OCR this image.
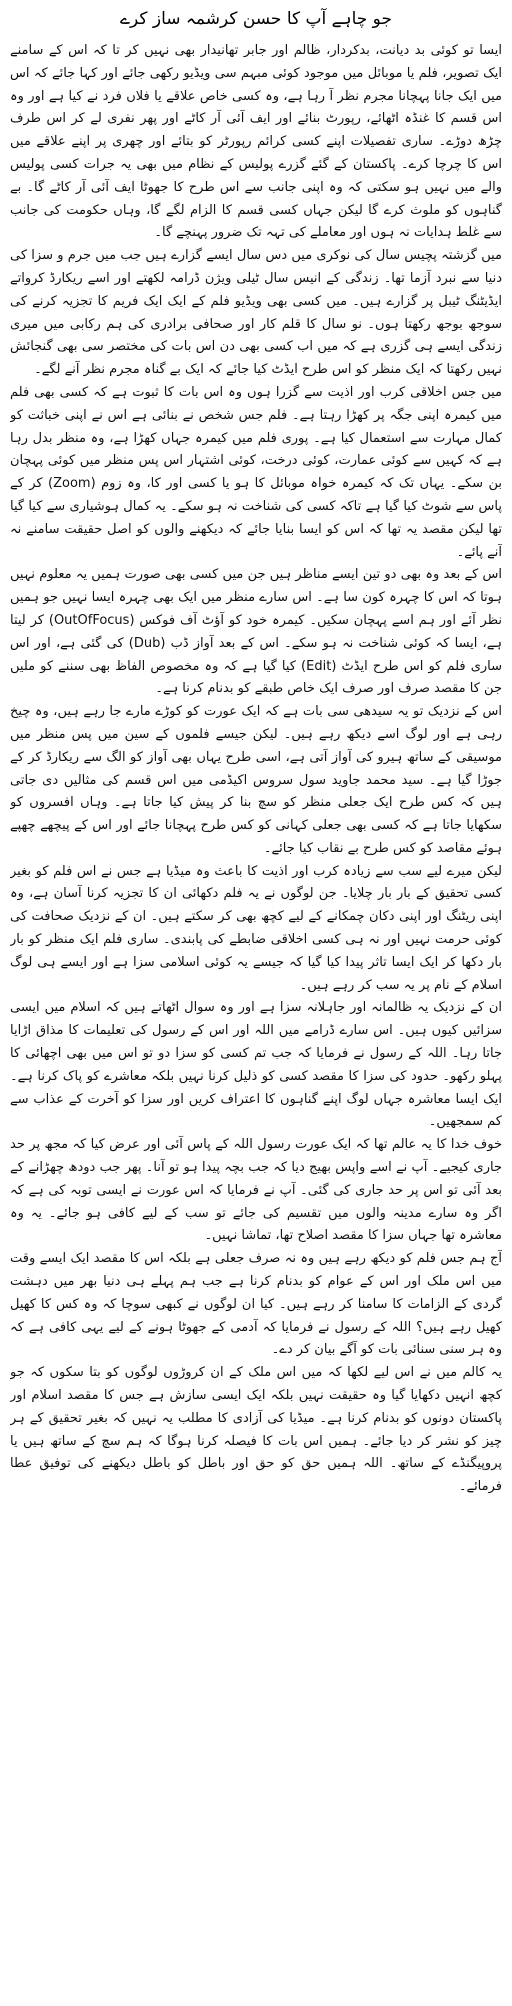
جو چاہے آپ کا حسن کرشمہ ساز کرے

ایسا تو کوئی بد دیانت، بدکردار، ظالم اور جابر تھانیدار بھی نہیں کر تا کہ اس کے سامنے ایک تصویر، فلم یا موبائل میں موجود کوئی مبہم سی ویڈیو رکھی جائے اور کہا جائے کہ اس میں ایک جانا پہچانا مجرم نظر آ رہا ہے، وہ کسی خاص علاقے یا فلاں فرد نے کیا ہے اور وہ اس قسم کا غنڈہ اٹھائے، رپورٹ بنائے اور ایف آئی آر کاٹے اور پھر نفری لے کر اس طرف چڑھ دوڑے۔ ساری تفصیلات اپنے کسی کرائم رپورٹر کو بتائے اور چھری پر اپنے علاقے میں اس کا چرچا کرے۔ پاکستان کے گئے گزرے پولیس کے نظام میں بھی یہ جرات کسی پولیس والے میں نہیں ہو سکتی کہ وہ اپنی جانب سے اس طرح کا جھوٹا ایف آئی آر کاٹے گا۔ بے گناہوں کو ملوث کرے گا لیکن جہاں کسی قسم کا الزام لگے گا، وہاں حکومت کی جانب سے غلط ہدایات نہ ہوں اور معاملے کی تہہ تک ضرور پہنچے گا۔

میں گزشتہ پچیس سال کی نوکری میں دس سال ایسے گزارے ہیں جب میں جرم و سزا کی دنیا سے نبرد آزما تھا۔ زندگی کے انیس سال ٹیلی ویژن ڈرامہ لکھتے اور اسے ریکارڈ کرواتے ایڈیٹنگ ٹیبل پر گزارے ہیں۔ میں کسی بھی ویڈیو فلم کے ایک ایک فریم کا تجزیہ کرنے کی سوجھ بوجھ رکھتا ہوں۔ نو سال کا قلم کار اور صحافی برادری کی ہم رکابی میں میری زندگی ایسے ہی گزری ہے کہ میں اب کسی بھی دن اس بات کی مختصر سی بھی گنجائش نہیں رکھتا کہ ایک منظر کو اس طرح ایڈٹ کیا جائے کہ ایک بے گناہ مجرم نظر آنے لگے۔

میں جس اخلاقی کرب اور اذیت سے گزرا ہوں وہ اس بات کا ثبوت ہے کہ کسی بھی فلم میں کیمرہ اپنی جگہ پر کھڑا رہتا ہے۔ فلم جس شخص نے بنائی ہے اس نے اپنی خباثت کو کمال مہارت سے استعمال کیا ہے۔ پوری فلم میں کیمرہ جہاں کھڑا ہے، وہ منظر بدل رہا ہے کہ کہیں سے کوئی عمارت، کوئی درخت، کوئی اشتہار اس پس منظر میں کوئی پہچان بن سکے۔ یہاں تک کہ کیمرہ خواہ موبائل کا ہو یا کسی اور کا، وہ زوم (Zoom) کر کے پاس سے شوٹ کیا گیا ہے تاکہ کسی کی شناخت نہ ہو سکے۔ یہ کمال ہوشیاری سے کیا گیا تھا لیکن مقصد یہ تھا کہ اس کو ایسا بنایا جائے کہ دیکھنے والوں کو اصل حقیقت سامنے نہ آنے پائے۔

اس کے بعد وہ بھی دو تین ایسے مناظر ہیں جن میں کسی بھی صورت ہمیں یہ معلوم نہیں ہوتا کہ اس کا چہرہ کون سا ہے۔ اس سارے منظر میں ایک بھی چہرہ ایسا نہیں جو ہمیں نظر آئے اور ہم اسے پہچان سکیں۔ کیمرہ خود کو آؤٹ آف فوکس (OutOfFocus) کر لیتا ہے، ایسا کہ کوئی شناخت نہ ہو سکے۔ اس کے بعد آواز ڈب (Dub) کی گئی ہے، اور اس ساری فلم کو اس طرح ایڈٹ (Edit) کیا گیا ہے کہ وہ مخصوص الفاظ بھی سننے کو ملیں جن کا مقصد صرف اور صرف ایک خاص طبقے کو بدنام کرنا ہے۔

اس کے نزدیک تو یہ سیدھی سی بات ہے کہ ایک عورت کو کوڑے مارے جا رہے ہیں، وہ چیخ رہی ہے اور لوگ اسے دیکھ رہے ہیں۔ لیکن جیسے فلموں کے سین میں پس منظر میں موسیقی کے ساتھ ہیرو کی آواز آتی ہے، اسی طرح یہاں بھی آواز کو الگ سے ریکارڈ کر کے جوڑا گیا ہے۔ سید محمد جاوید سول سروس اکیڈمی میں اس قسم کی مثالیں دی جاتی ہیں کہ کس طرح ایک جعلی منظر کو سچ بنا کر پیش کیا جاتا ہے۔ وہاں افسروں کو سکھایا جاتا ہے کہ کسی بھی جعلی کہانی کو کس طرح پہچانا جائے اور اس کے پیچھے چھپے ہوئے مقاصد کو کس طرح بے نقاب کیا جائے۔

لیکن میرے لیے سب سے زیادہ کرب اور اذیت کا باعث وہ میڈیا ہے جس نے اس فلم کو بغیر کسی تحقیق کے بار بار چلایا۔ جن لوگوں نے یہ فلم دکھائی ان کا تجزیہ کرنا آسان ہے، وہ اپنی ریٹنگ اور اپنی دکان چمکانے کے لیے کچھ بھی کر سکتے ہیں۔ ان کے نزدیک صحافت کی کوئی حرمت نہیں اور نہ ہی کسی اخلاقی ضابطے کی پابندی۔ ساری فلم ایک منظر کو بار بار دکھا کر ایک ایسا تاثر پیدا کیا گیا کہ جیسے یہ کوئی اسلامی سزا ہے اور ایسے ہی لوگ اسلام کے نام پر یہ سب کر رہے ہیں۔

ان کے نزدیک یہ ظالمانہ اور جاہلانہ سزا ہے اور وہ سوال اٹھاتے ہیں کہ اسلام میں ایسی سزائیں کیوں ہیں۔ اس سارے ڈرامے میں اللہ اور اس کے رسول کی تعلیمات کا مذاق اڑایا جاتا رہا۔ اللہ کے رسول نے فرمایا کہ جب تم کسی کو سزا دو تو اس میں بھی اچھائی کا پہلو رکھو۔ حدود کی سزا کا مقصد کسی کو ذلیل کرنا نہیں بلکہ معاشرے کو پاک کرنا ہے۔ ایک ایسا معاشرہ جہاں لوگ اپنے گناہوں کا اعتراف کریں اور سزا کو آخرت کے عذاب سے کم سمجھیں۔

خوف خدا کا یہ عالم تھا کہ ایک عورت رسول اللہ کے پاس آئی اور عرض کیا کہ مجھ پر حد جاری کیجیے۔ آپ نے اسے واپس بھیج دیا کہ جب بچہ پیدا ہو تو آنا۔ پھر جب دودھ چھڑانے کے بعد آئی تو اس پر حد جاری کی گئی۔ آپ نے فرمایا کہ اس عورت نے ایسی توبہ کی ہے کہ اگر وہ سارے مدینہ والوں میں تقسیم کی جائے تو سب کے لیے کافی ہو جائے۔ یہ وہ معاشرہ تھا جہاں سزا کا مقصد اصلاح تھا، تماشا نہیں۔

آج ہم جس فلم کو دیکھ رہے ہیں وہ نہ صرف جعلی ہے بلکہ اس کا مقصد ایک ایسے وقت میں اس ملک اور اس کے عوام کو بدنام کرنا ہے جب ہم پہلے ہی دنیا بھر میں دہشت گردی کے الزامات کا سامنا کر رہے ہیں۔ کیا ان لوگوں نے کبھی سوچا کہ وہ کس کا کھیل کھیل رہے ہیں؟ اللہ کے رسول نے فرمایا کہ آدمی کے جھوٹا ہونے کے لیے یہی کافی ہے کہ وہ ہر سنی سنائی بات کو آگے بیان کر دے۔

یہ کالم میں نے اس لیے لکھا کہ میں اس ملک کے ان کروڑوں لوگوں کو بتا سکوں کہ جو کچھ انہیں دکھایا گیا وہ حقیقت نہیں بلکہ ایک ایسی سازش ہے جس کا مقصد اسلام اور پاکستان دونوں کو بدنام کرنا ہے۔ میڈیا کی آزادی کا مطلب یہ نہیں کہ بغیر تحقیق کے ہر چیز کو نشر کر دیا جائے۔ ہمیں اس بات کا فیصلہ کرنا ہوگا کہ ہم سچ کے ساتھ ہیں یا پروپیگنڈے کے ساتھ۔ اللہ ہمیں حق کو حق اور باطل کو باطل دیکھنے کی توفیق عطا فرمائے۔
